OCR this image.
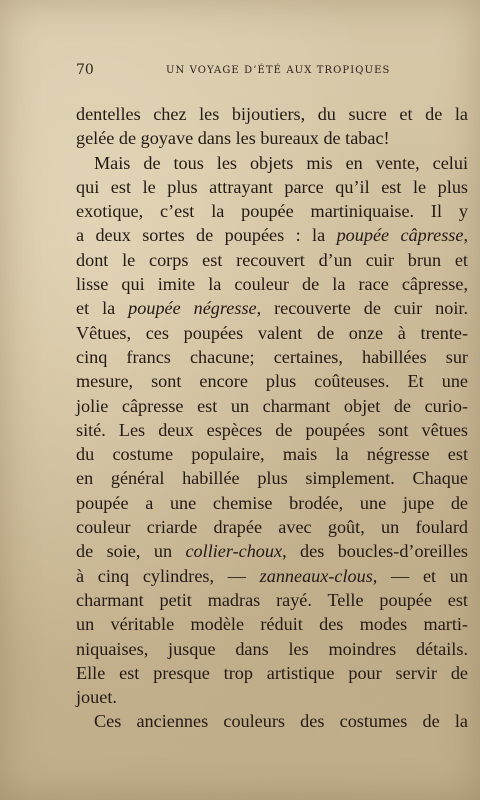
70	UN VOYAGE D’ÉTÉ AUX TROPIQUES
dentelles chez les bijoutiers, du sucre et de la
gelée de goyave dans les bureaux de tabac!
Mais de tous les objets mis en vente, celui
qui est le plus attrayant parce qu’il est le plus
exotique, c’est la poupée martiniquaise. Il y
a deux sortes de poupées : la poupée câpresse,
dont le corps est recouvert d’un cuir brun et
lisse qui imite la couleur de la race câpresse,
et la poupée négresse, recouverte de cuir noir.
Vêtues, ces poupées valent de onze à trente-
cinq francs chacune; certaines, habillées sur
mesure, sont encore plus coûteuses. Et une
jolie câpresse est un charmant objet de curio-
sité. Les deux espèces de poupées sont vêtues
du costume populaire, mais la négresse est
en général habillée plus simplement. Chaque
poupée a une chemise brodée, une jupe de
couleur criarde drapée avec goût, un foulard
de soie, un collier-choux, des boucles-d’oreilles
à cinq cylindres, — zanneaux-clous, — et un
charmant petit madras rayé. Telle poupée est
un véritable modèle réduit des modes marti-
niquaises, jusque dans les moindres détails.
Elle est presque trop artistique pour servir de
jouet.
Ces anciennes couleurs des costumes de la
